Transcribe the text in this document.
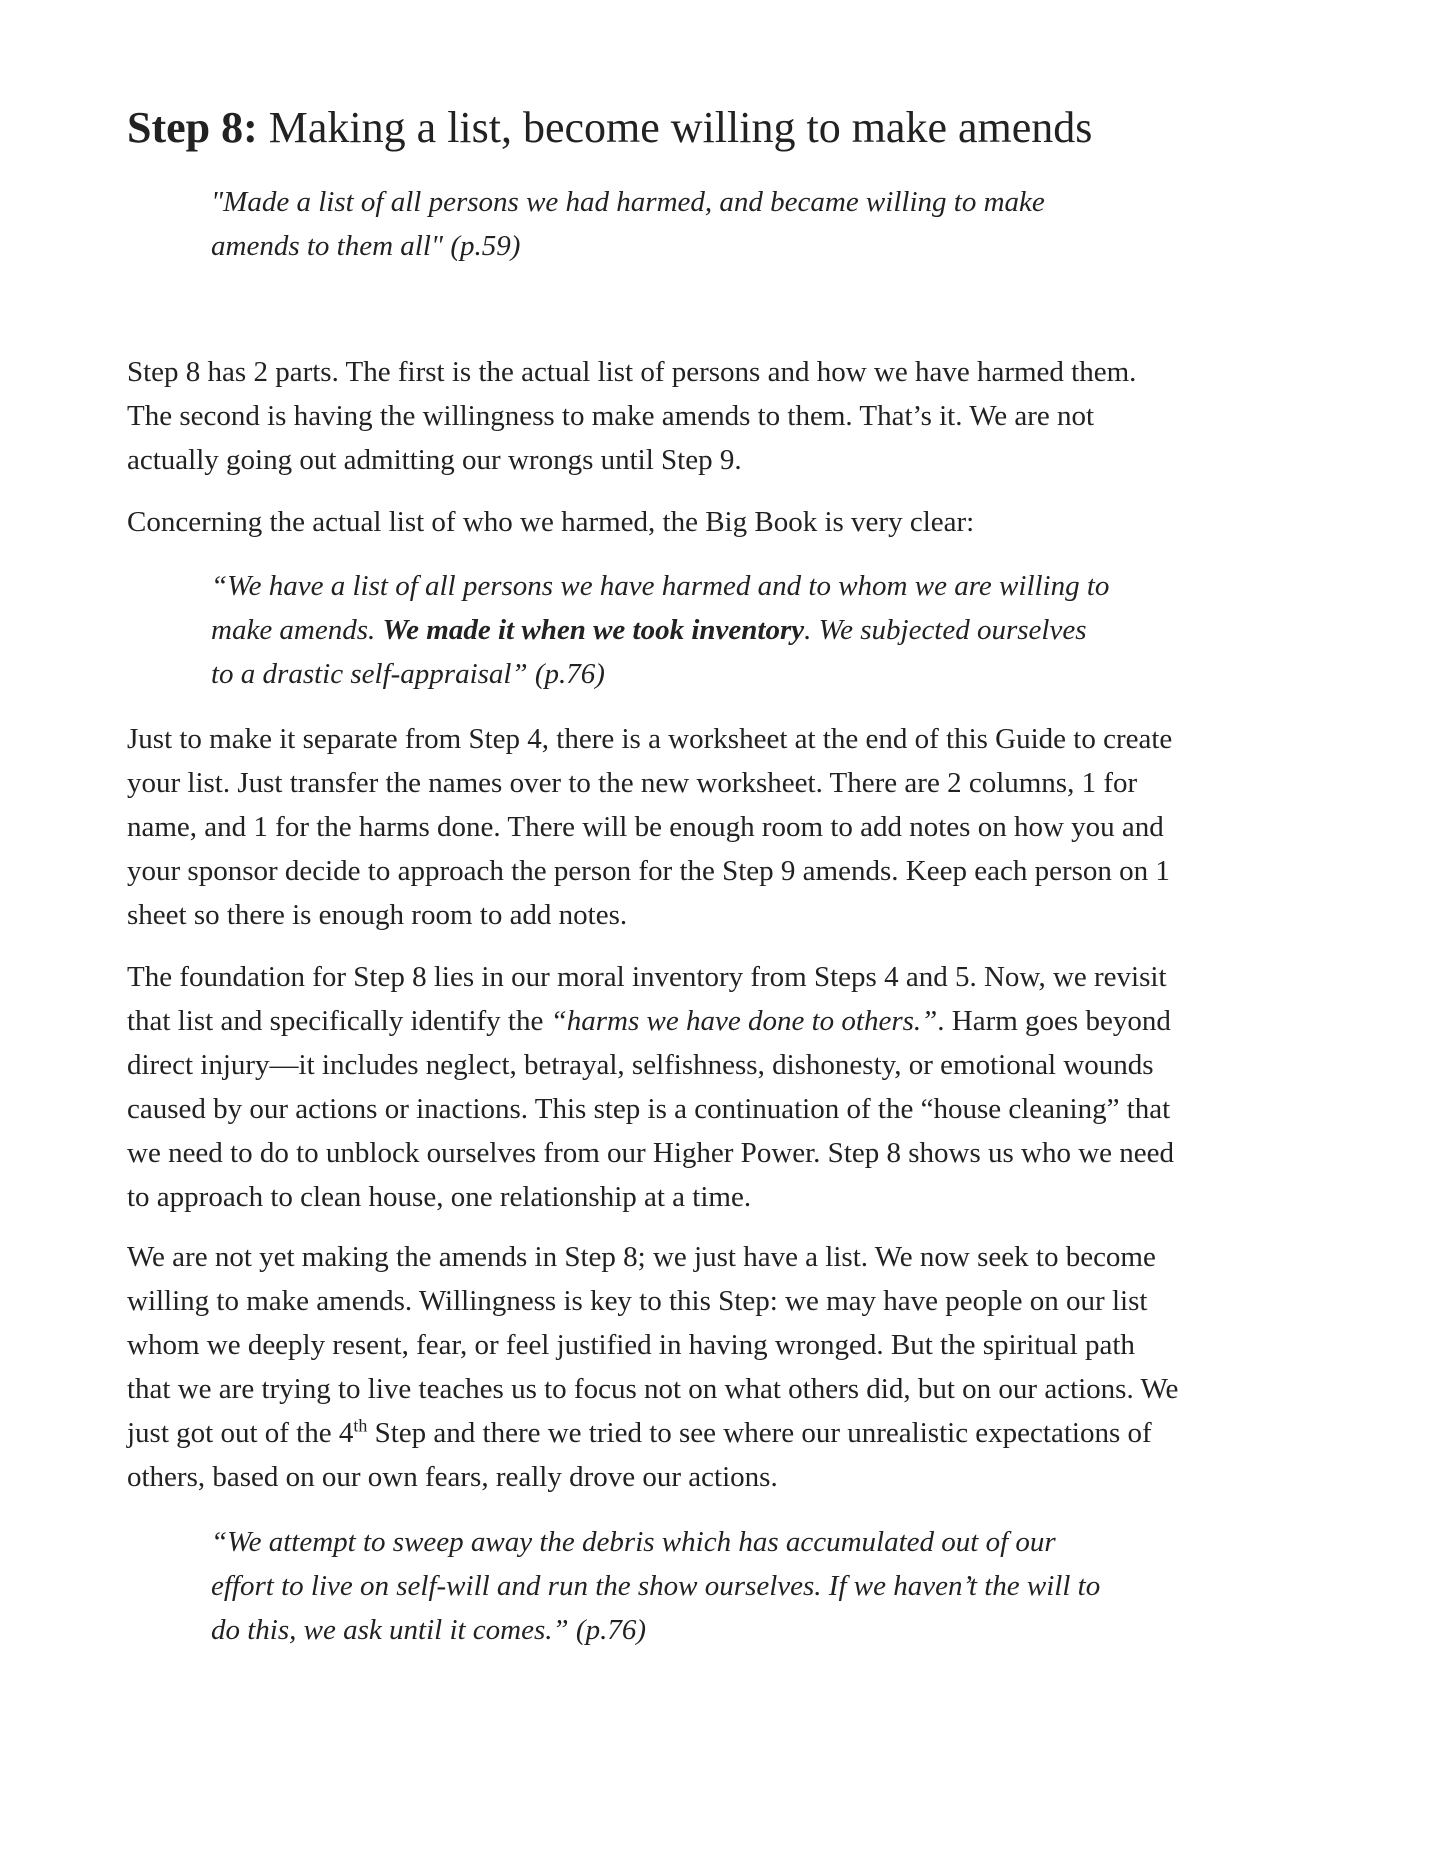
Step 8: Making a list, become willing to make amends

"Made a list of all persons we had harmed, and became willing to make
amends to them all" (p.59)

Step 8 has 2 parts. The first is the actual list of persons and how we have harmed them.
The second is having the willingness to make amends to them. That’s it. We are not
actually going out admitting our wrongs until Step 9.

Concerning the actual list of who we harmed, the Big Book is very clear:

“We have a list of all persons we have harmed and to whom we are willing to
make amends. We made it when we took inventory. We subjected ourselves
to a drastic self-appraisal” (p.76)

Just to make it separate from Step 4, there is a worksheet at the end of this Guide to create
your list. Just transfer the names over to the new worksheet. There are 2 columns, 1 for
name, and 1 for the harms done. There will be enough room to add notes on how you and
your sponsor decide to approach the person for the Step 9 amends. Keep each person on 1
sheet so there is enough room to add notes.

The foundation for Step 8 lies in our moral inventory from Steps 4 and 5. Now, we revisit
that list and specifically identify the “harms we have done to others.”. Harm goes beyond
direct injury—it includes neglect, betrayal, selfishness, dishonesty, or emotional wounds
caused by our actions or inactions. This step is a continuation of the “house cleaning” that
we need to do to unblock ourselves from our Higher Power. Step 8 shows us who we need
to approach to clean house, one relationship at a time.

We are not yet making the amends in Step 8; we just have a list. We now seek to become
willing to make amends. Willingness is key to this Step: we may have people on our list
whom we deeply resent, fear, or feel justified in having wronged. But the spiritual path
that we are trying to live teaches us to focus not on what others did, but on our actions. We
just got out of the 4th Step and there we tried to see where our unrealistic expectations of
others, based on our own fears, really drove our actions.

“We attempt to sweep away the debris which has accumulated out of our
effort to live on self-will and run the show ourselves. If we haven’t the will to
do this, we ask until it comes.” (p.76)
